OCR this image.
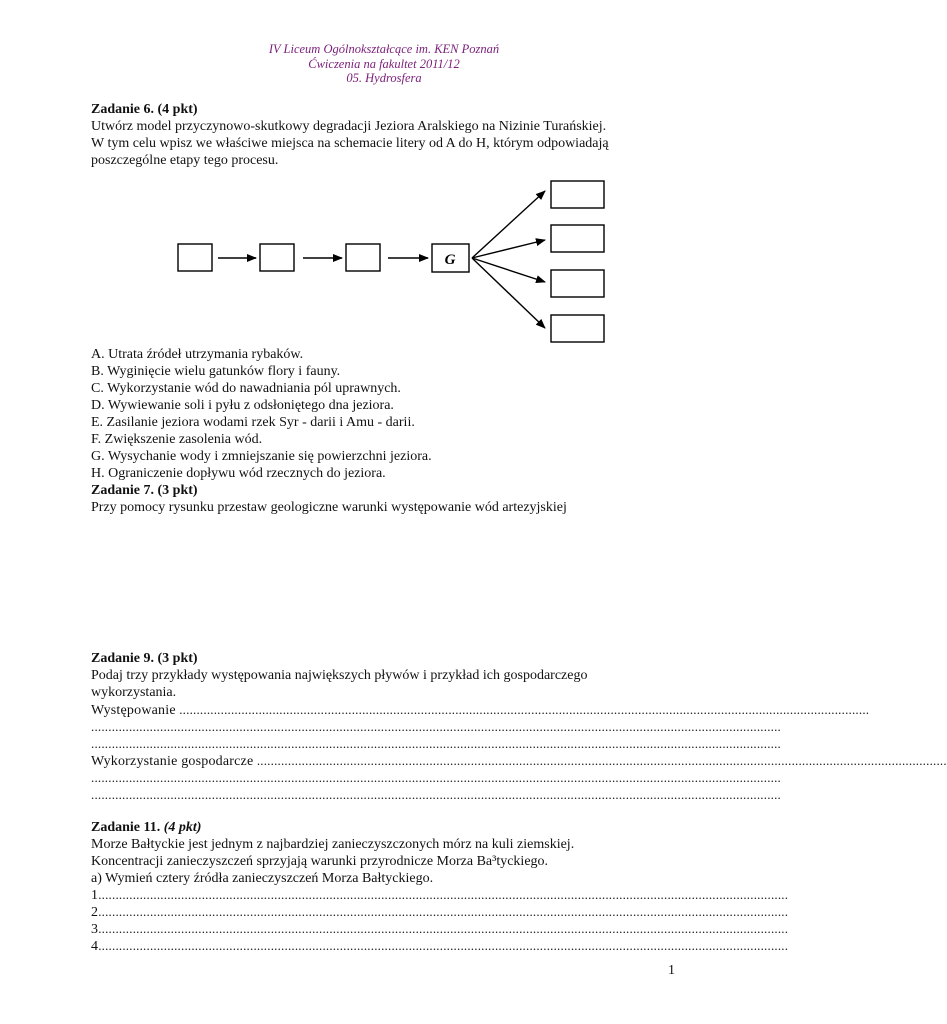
IV Liceum Ogólnokształcące im. KEN Poznań
Ćwiczenia na fakultet 2011/12
05. Hydrosfera
Zadanie 6. (4 pkt)
Utwórz model przyczynowo-skutkowy degradacji Jeziora Aralskiego na Nizinie Turańskiej.
W tym celu wpisz we właściwe miejsca na schemacie litery od A do H, którym odpowiadają
poszczególne etapy tego procesu.
G
A. Utrata źródeł utrzymania rybaków.
B. Wyginięcie wielu gatunków flory i fauny.
C. Wykorzystanie wód do nawadniania pól uprawnych.
D. Wywiewanie soli i pyłu z odsłoniętego dna jeziora.
E. Zasilanie jeziora wodami rzek Syr - darii i Amu - darii.
F. Zwiększenie zasolenia wód.
G. Wysychanie wody i zmniejszanie się powierzchni jeziora.
H. Ograniczenie dopływu wód rzecznych do jeziora.
Zadanie 7. (3 pkt)
Przy pomocy rysunku przestaw geologiczne warunki występowanie wód artezyjskiej
Zadanie 9. (3 pkt)
Podaj trzy przykłady występowania największych pływów i przykład ich gospodarczego
wykorzystania.
Występowanie ........................................................................................................................................................................................................
........................................................................................................................................................................................................
........................................................................................................................................................................................................
Wykorzystanie gospodarcze ........................................................................................................................................................................................................
........................................................................................................................................................................................................
........................................................................................................................................................................................................
Zadanie 11. (4 pkt)
Morze Bałtyckie jest jednym z najbardziej zanieczyszczonych mórz na kuli ziemskiej.
Koncentracji zanieczyszczeń sprzyjają warunki przyrodnicze Morza Ba³tyckiego.
a) Wymień cztery źródła zanieczyszczeń Morza Bałtyckiego.
1........................................................................................................................................................................................................
2........................................................................................................................................................................................................
3........................................................................................................................................................................................................
4........................................................................................................................................................................................................
1
